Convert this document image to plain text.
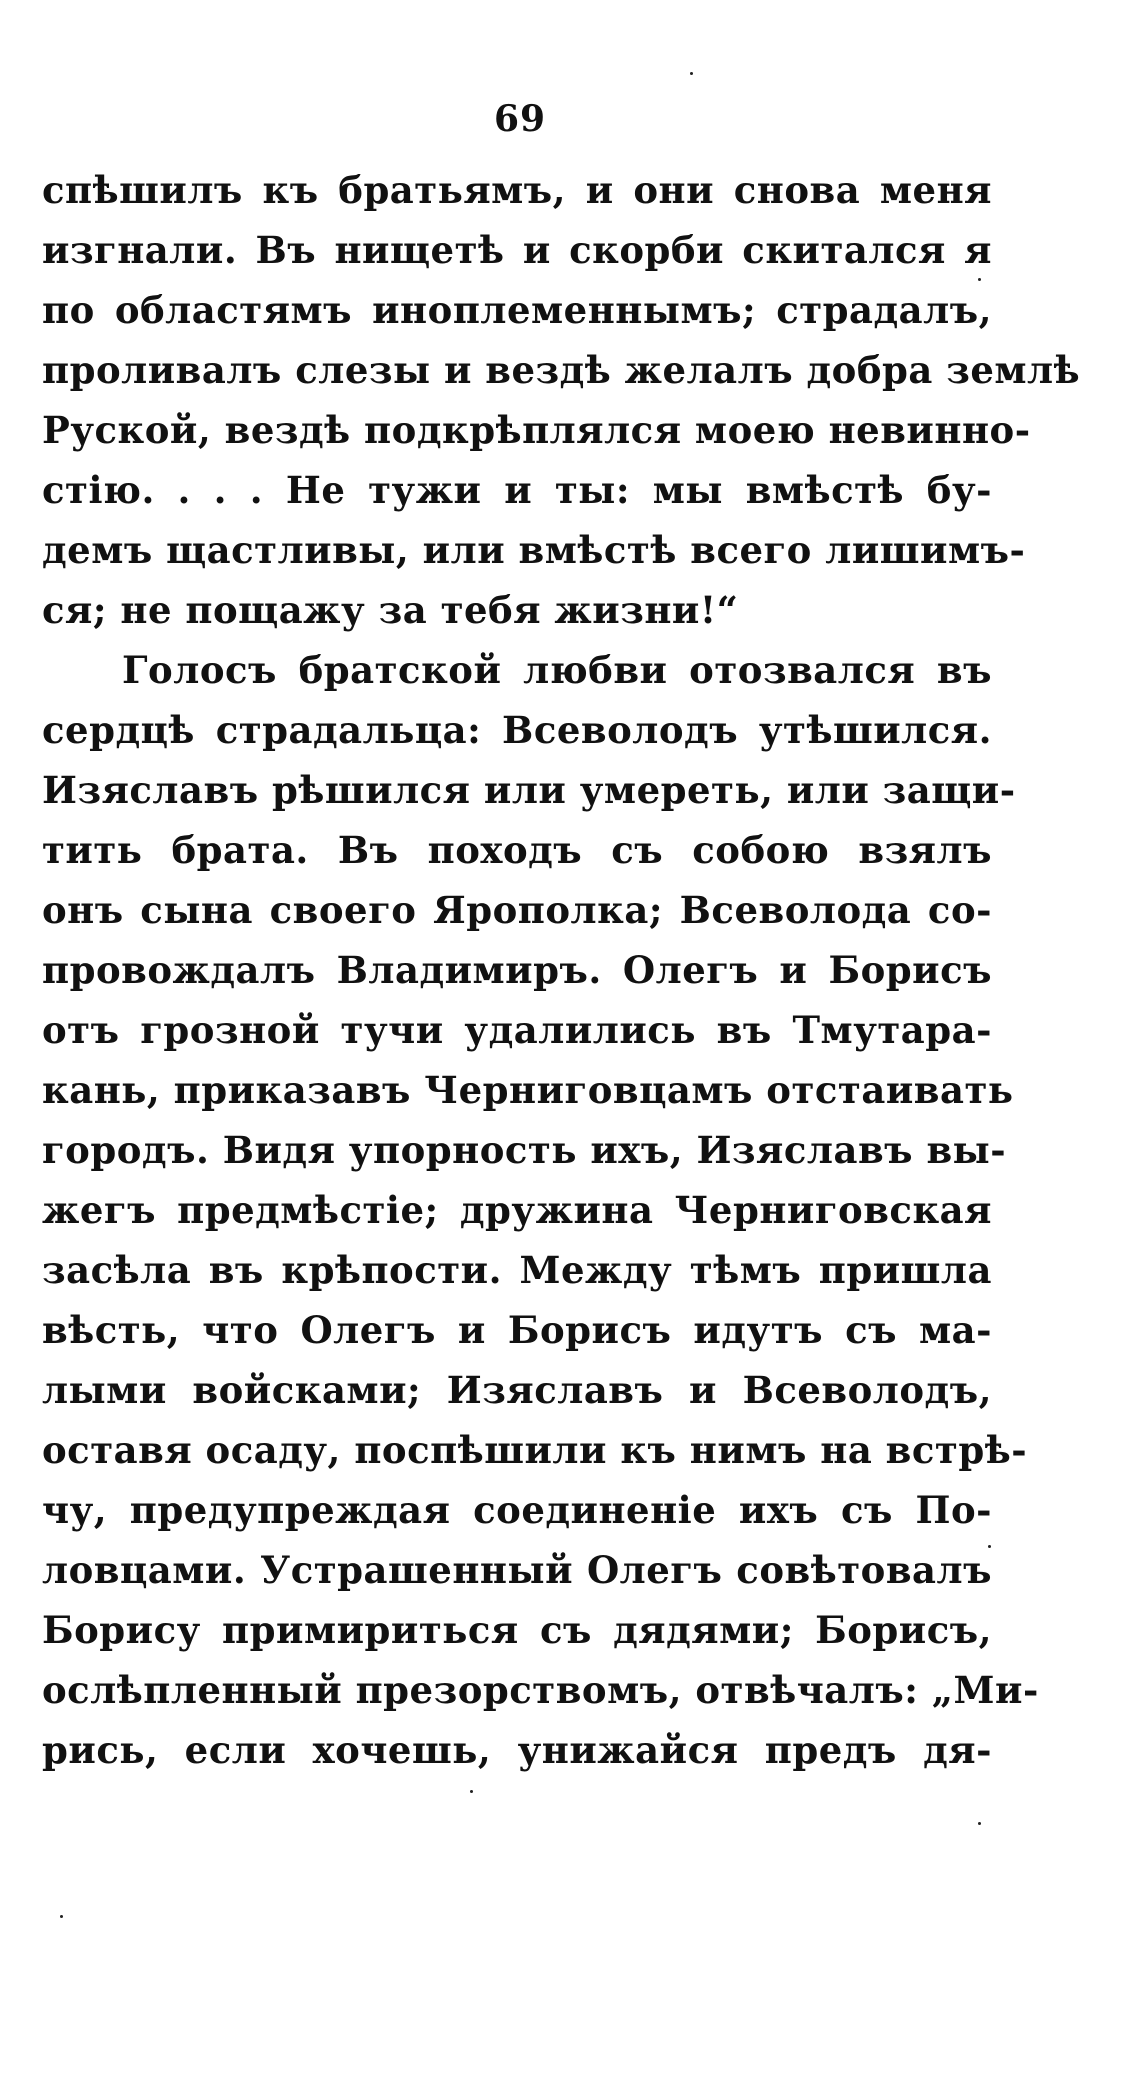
69
спѣшилъ къ братьямъ, и они снова меня
изгнали. Въ нищетѣ и скорби скитался я
по областямъ иноплеменнымъ; страдалъ,
проливалъ слезы и вездѣ желалъ добра землѣ
Руской, вездѣ подкрѣплялся моею невинно-
стію. . . . Не тужи и ты: мы вмѣстѣ бу-
демъ щастливы, или вмѣстѣ всего лишимъ-
ся; не пощажу за тебя жизни!“
Голосъ братской любви отозвался въ
сердцѣ страдальца: Всеволодъ утѣшился.
Изяславъ рѣшился или умереть, или защи-
тить брата. Въ походъ съ собою взялъ
онъ сына своего Ярополка; Всеволода со-
провождалъ Владимиръ. Олегъ и Борисъ
отъ грозной тучи удалились въ Тмутара-
кань, приказавъ Черниговцамъ отстаивать
городъ. Видя упорность ихъ, Изяславъ вы-
жегъ предмѣстіе; дружина Черниговская
засѣла въ крѣпости. Между тѣмъ пришла
вѣсть, что Олегъ и Борисъ идутъ съ ма-
лыми войсками; Изяславъ и Всеволодъ,
оставя осаду, поспѣшили къ нимъ на встрѣ-
чу, предупреждая соединеніе ихъ съ По-
ловцами. Устрашенный Олегъ совѣтовалъ
Борису примириться съ дядями; Борисъ,
ослѣпленный презорствомъ, отвѣчалъ: „Ми-
рись, если хочешь, унижайся предъ дя-
